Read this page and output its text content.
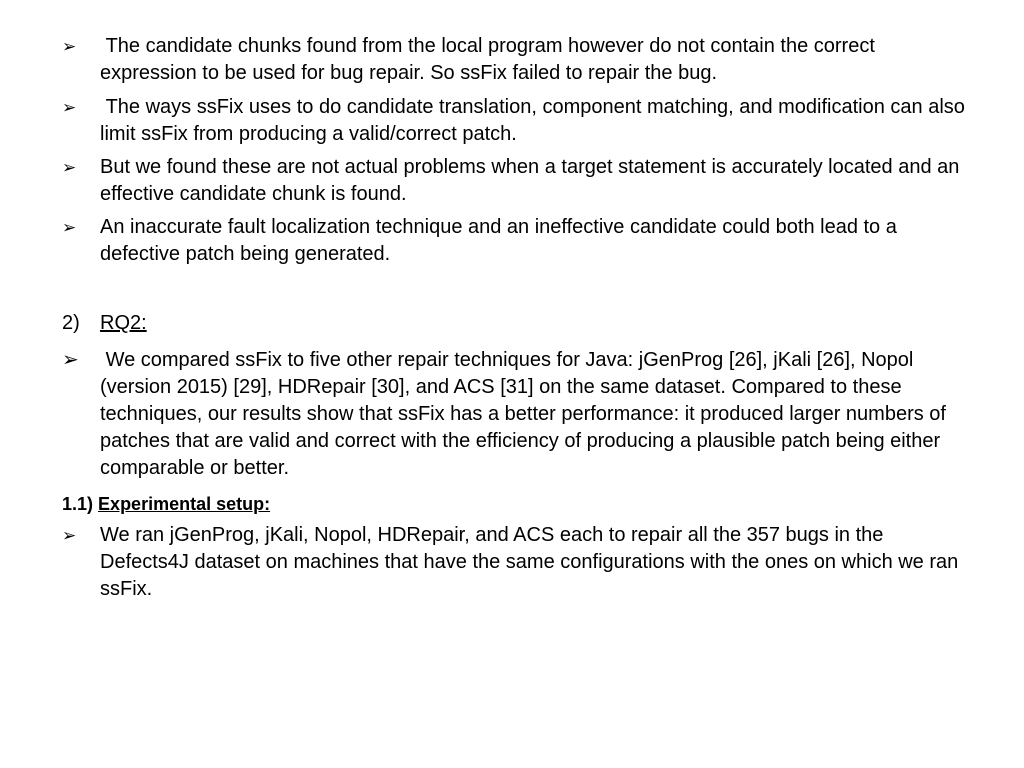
➢ The candidate chunks found from the local program however do not contain the correct expression to be used for bug repair. So ssFix failed to repair the bug.
➢ The ways ssFix uses to do candidate translation, component matching, and modification can also limit ssFix from producing a valid/correct patch.
➢ But we found these are not actual problems when a target statement is accurately located and an effective candidate chunk is found.
➢ An inaccurate fault localization technique and an ineffective candidate could both lead to a defective patch being generated.
2) RQ2:
➢ We compared ssFix to five other repair techniques for Java: jGenProg [26], jKali [26], Nopol (version 2015) [29], HDRepair [30], and ACS [31] on the same dataset. Compared to these techniques, our results show that ssFix has a better performance: it produced larger numbers of patches that are valid and correct with the efficiency of producing a plausible patch being either comparable or better.
1.1) Experimental setup:
➢ We ran jGenProg, jKali, Nopol, HDRepair, and ACS each to repair all the 357 bugs in the Defects4J dataset on machines that have the same configurations with the ones on which we ran ssFix.
